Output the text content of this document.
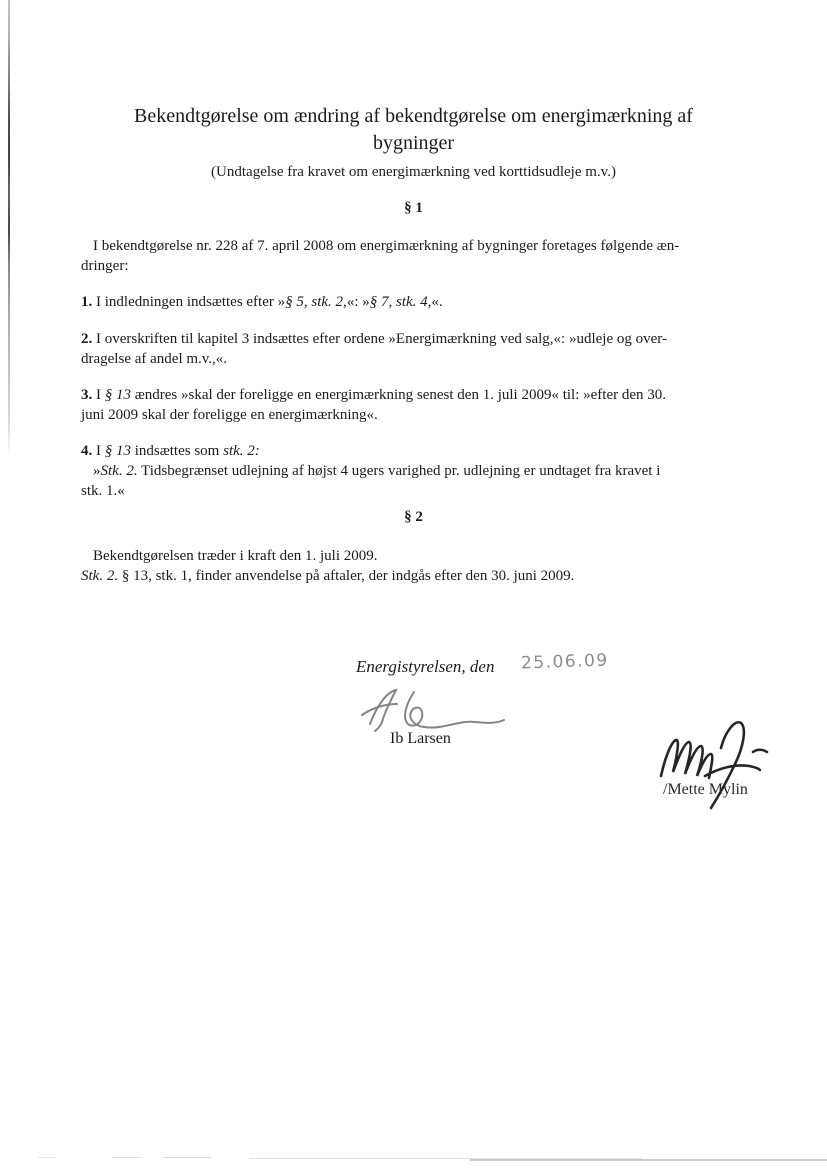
Bekendtgørelse om ændring af bekendtgørelse om energimærkning af
bygninger
(Undtagelse fra kravet om energimærkning ved korttidsudleje m.v.)
§ 1
I bekendtgørelse nr. 228 af 7. april 2008 om energimærkning af bygninger foretages følgende æn-
dringer:
1. I indledningen indsættes efter »§ 5, stk. 2,«: »§ 7, stk. 4,«.
2. I overskriften til kapitel 3 indsættes efter ordene »Energimærkning ved salg,«: »udleje og over-
dragelse af andel m.v.,«.
3. I § 13 ændres »skal der foreligge en energimærkning senest den 1. juli 2009« til: »efter den 30.
juni 2009 skal der foreligge en energimærkning«.
4. I § 13 indsættes som stk. 2:
»Stk. 2. Tidsbegrænset udlejning af højst 4 ugers varighed pr. udlejning er undtaget fra kravet i
stk. 1.«
§ 2
Bekendtgørelsen træder i kraft den 1. juli 2009.
Stk. 2. § 13, stk. 1, finder anvendelse på aftaler, der indgås efter den 30. juni 2009.
Energistyrelsen, den 25.06.09
Ib Larsen
/Mette Mylin
